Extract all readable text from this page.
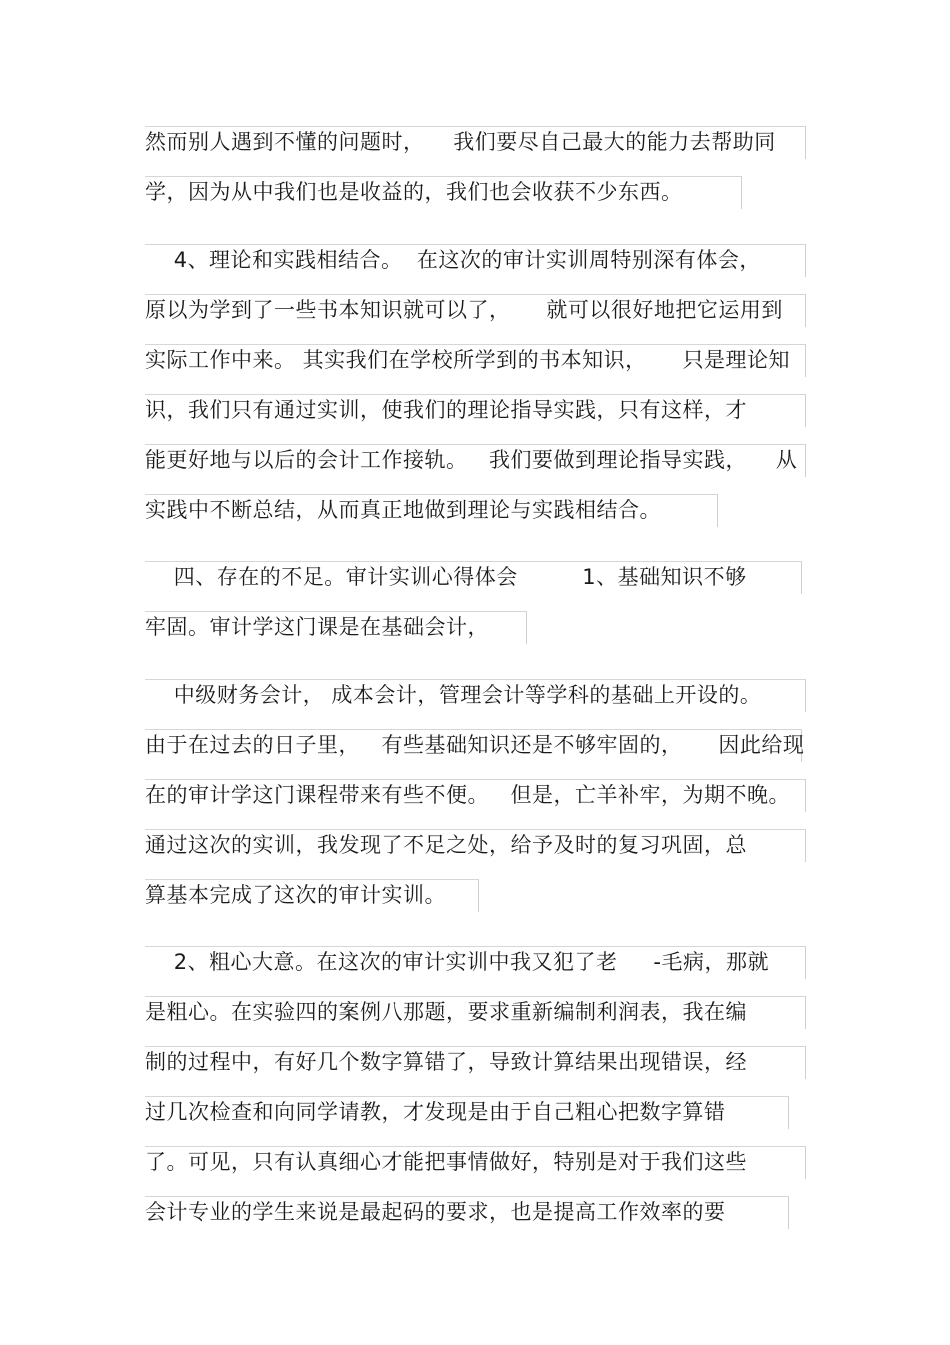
然而别人遇到不懂的问题时，    我们要尽自己最大的能力去帮助同
学，因为从中我们也是收益的，我们也会收获不少东西。
4、理论和实践相结合。  在这次的审计实训周特别深有体会，
原以为学到了一些书本知识就可以了，     就可以很好地把它运用到
实际工作中来。 其实我们在学校所学到的书本知识，     只是理论知
识，我们只有通过实训，使我们的理论指导实践，只有这样，才
能更好地与以后的会计工作接轨。   我们要做到理论指导实践，    从
实践中不断总结，从而真正地做到理论与实践相结合。
四、存在的不足。审计实训心得体会         1、基础知识不够
牢固。审计学这门课是在基础会计，
中级财务会计， 成本会计，管理会计等学科的基础上开设的。
由于在过去的日子里，   有些基础知识还是不够牢固的，     因此给现
在的审计学这门课程带来有些不便。   但是，亡羊补牢，为期不晚。
通过这次的实训，我发现了不足之处，给予及时的复习巩固，总
算基本完成了这次的审计实训。
2、粗心大意。在这次的审计实训中我又犯了老     -毛病，那就
是粗心。在实验四的案例八那题，要求重新编制利润表，我在编
制的过程中，有好几个数字算错了，导致计算结果出现错误，经
过几次检查和向同学请教，才发现是由于自己粗心把数字算错
了。可见，只有认真细心才能把事情做好，特别是对于我们这些
会计专业的学生来说是最起码的要求，也是提高工作效率的要
